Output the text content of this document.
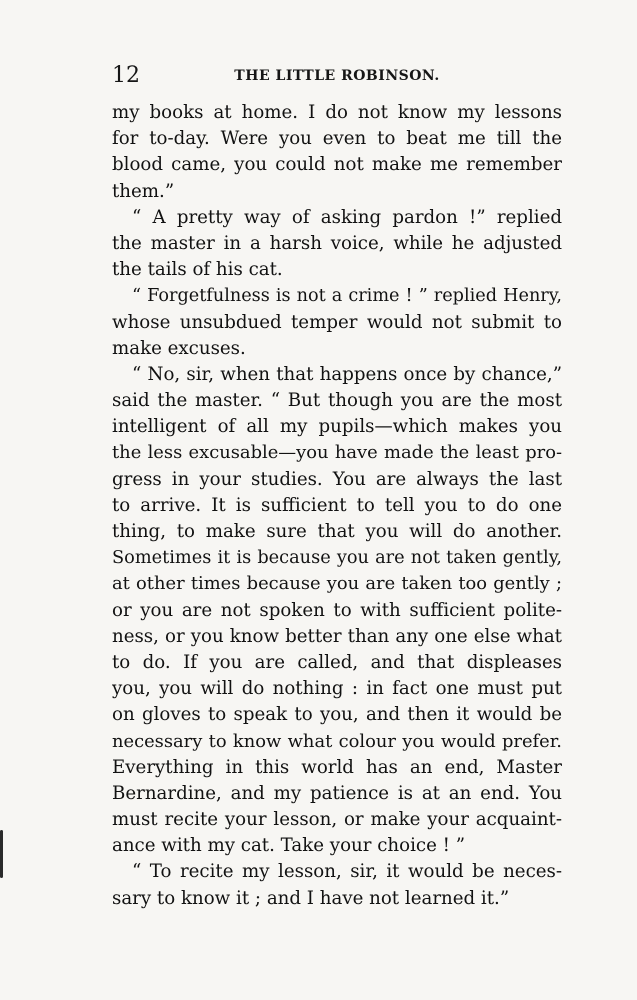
12	THE LITTLE ROBINSON.
my books at home. I do not know my lessons
for to-day. Were you even to beat me till the
blood came, you could not make me remember
them.”
“ A pretty way of asking pardon !” replied
the master in a harsh voice, while he adjusted
the tails of his cat.
“ Forgetfulness is not a crime ! ” replied Henry,
whose unsubdued temper would not submit to
make excuses.
“ No, sir, when that happens once by chance,”
said the master. “ But though you are the most
intelligent of all my pupils—which makes you
the less excusable—you have made the least pro-
gress in your studies. You are always the last
to arrive. It is sufficient to tell you to do one
thing, to make sure that you will do another.
Sometimes it is because you are not taken gently,
at other times because you are taken too gently ;
or you are not spoken to with sufficient polite-
ness, or you know better than any one else what
to do. If you are called, and that displeases
you, you will do nothing : in fact one must put
on gloves to speak to you, and then it would be
necessary to know what colour you would prefer.
Everything in this world has an end, Master
Bernardine, and my patience is at an end. You
must recite your lesson, or make your acquaint-
ance with my cat. Take your choice ! ”
“ To recite my lesson, sir, it would be neces-
sary to know it ; and I have not learned it.”
